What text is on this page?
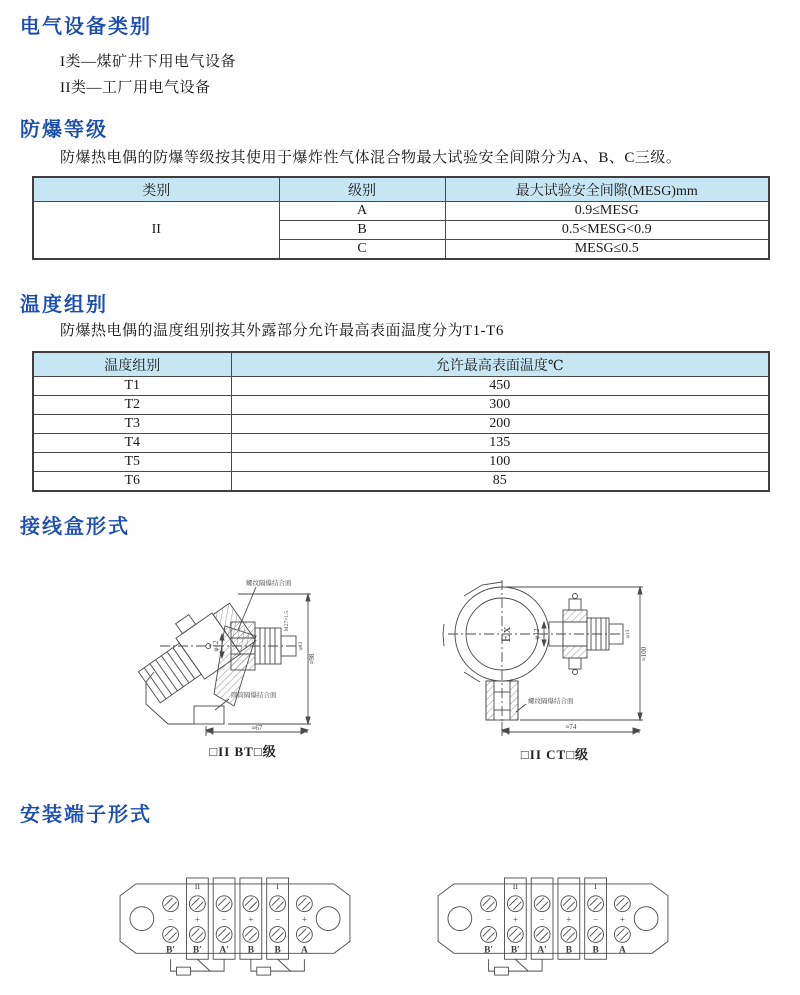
电气设备类别
I类—煤矿井下用电气设备
II类—工厂用电气设备
防爆等级
防爆热电偶的防爆等级按其使用于爆炸性气体混合物最大试验安全间隙分为A、B、C三级。
类别	级别	最大试验安全间隙(MESG)mm
II	A	0.9≤MESG
	B	0.5<MESG<0.9
	C	MESG≤0.5
温度组别
防爆热电偶的温度组别按其外露部分允许最高表面温度分为T1-T6
温度组别	允许最高表面温度℃
T1	450
T2	300
T3	200
T4	135
T5	100
T6	85
接线盒形式
螺纹隔爆结合面
圆筒隔爆结合面
≈98
≈67
φ12
M27×1.5
φ13
□II BT□级
Ex
螺纹隔爆结合面
≈100
≈74
φ12	φ13
□II CT□级
安装端子形式
II	I
− + − + − +
B′ B′ A′ B B A
II	I
− + − + − +
B′ B′ A′ B B A
